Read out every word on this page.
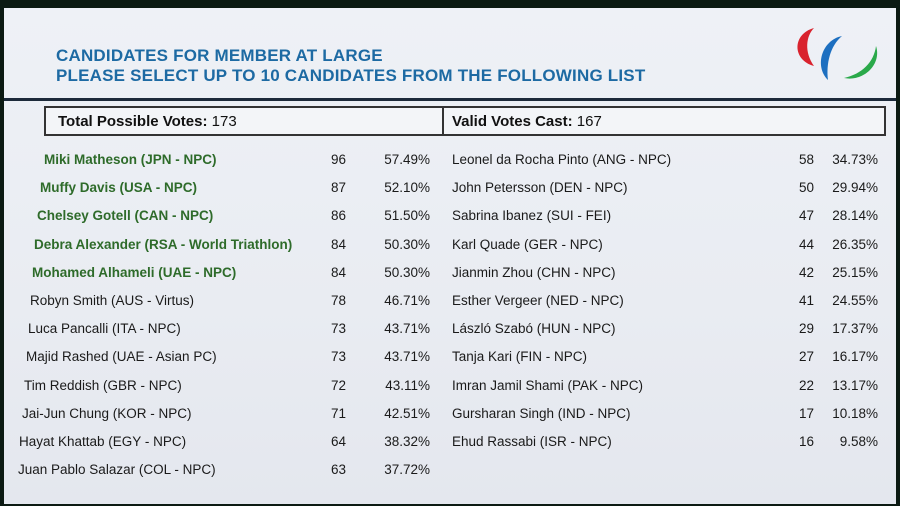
CANDIDATES FOR MEMBER AT LARGE
PLEASE SELECT UP TO 10 CANDIDATES FROM THE FOLLOWING LIST
Total Possible Votes: 173	Valid Votes Cast: 167
Miki Matheson (JPN - NPC)	96	57.49%
Muffy Davis (USA - NPC)	87	52.10%
Chelsey Gotell (CAN - NPC)	86	51.50%
Debra Alexander (RSA - World Triathlon)	84	50.30%
Mohamed Alhameli (UAE - NPC)	84	50.30%
Robyn Smith (AUS - Virtus)	78	46.71%
Luca Pancalli (ITA - NPC)	73	43.71%
Majid Rashed (UAE - Asian PC)	73	43.71%
Tim Reddish (GBR - NPC)	72	43.11%
Jai-Jun Chung (KOR - NPC)	71	42.51%
Hayat Khattab (EGY - NPC)	64	38.32%
Juan Pablo Salazar (COL - NPC)	63	37.72%
Leonel da Rocha Pinto (ANG - NPC)	58	34.73%
John Petersson (DEN - NPC)	50	29.94%
Sabrina Ibanez (SUI - FEI)	47	28.14%
Karl Quade (GER - NPC)	44	26.35%
Jianmin Zhou (CHN - NPC)	42	25.15%
Esther Vergeer (NED - NPC)	41	24.55%
László Szabó (HUN - NPC)	29	17.37%
Tanja Kari (FIN - NPC)	27	16.17%
Imran Jamil Shami (PAK - NPC)	22	13.17%
Gursharan Singh (IND - NPC)	17	10.18%
Ehud Rassabi (ISR - NPC)	16	9.58%
